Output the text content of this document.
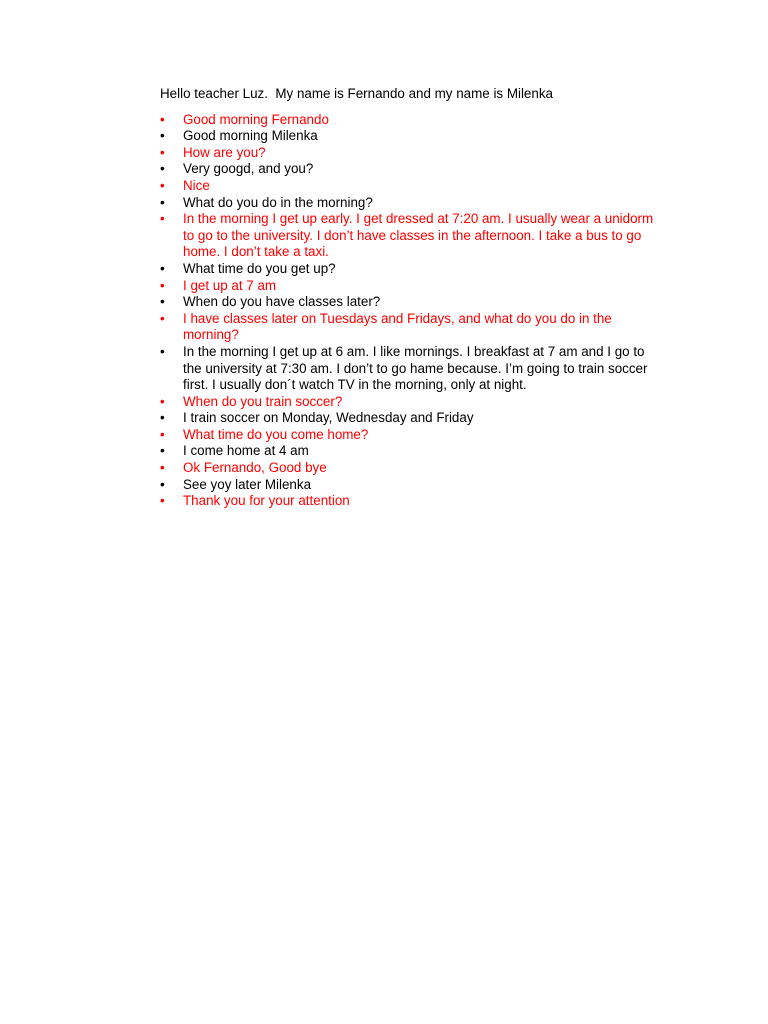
Hello teacher Luz.  My name is Fernando and my name is Milenka

•
Good morning Fernando
•
Good morning Milenka
•
How are you?
•
Very googd, and you?
•
Nice
•
What do you do in the morning?
•
In the morning I get up early. I get dressed at 7:20 am. I usually wear a unidorm to go to the university. I don’t have classes in the afternoon. I take a bus to go home. I don’t take a taxi.
•
What time do you get up?
•
I get up at 7 am
•
When do you have classes later?
•
I have classes later on Tuesdays and Fridays, and what do you do in the morning?
•
In the morning I get up at 6 am. I like mornings. I breakfast at 7 am and I go to the university at 7:30 am. I don’t to go hame because. I’m going to train soccer first. I usually don´t watch TV in the morning, only at night.
•
When do you train soccer?
•
I train soccer on Monday, Wednesday and Friday
•
What time do you come home?
•
I come home at 4 am
•
Ok Fernando, Good bye
•
See yoy later Milenka
•
Thank you for your attention
